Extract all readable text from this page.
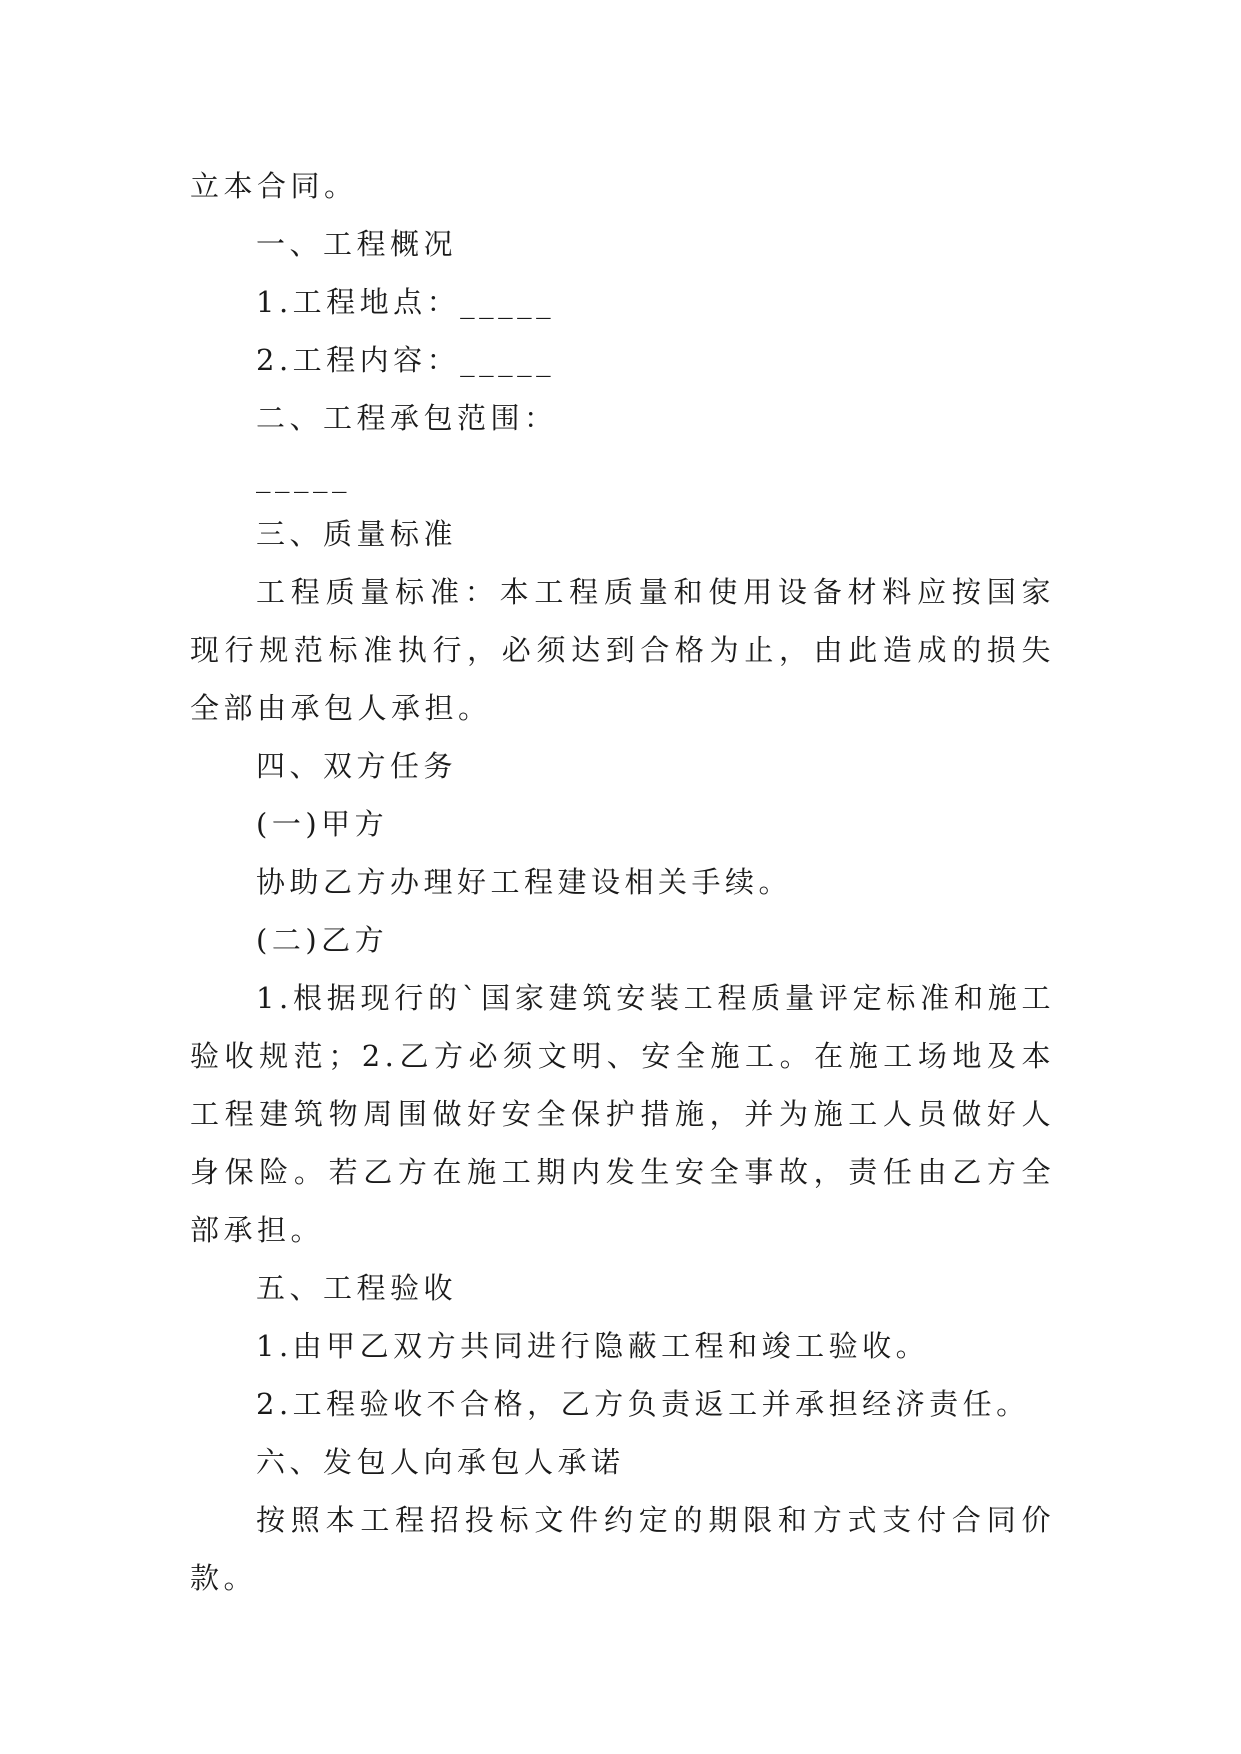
立本合同。

一、工程概况

1.工程地点：_____

2.工程内容：_____

二、工程承包范围：

_____

三、质量标准

工程质量标准：本工程质量和使用设备材料应按国家现行规范标准执行，必须达到合格为止，由此造成的损失全部由承包人承担。

四、双方任务

(一)甲方

协助乙方办理好工程建设相关手续。

(二)乙方

1.根据现行的`国家建筑安装工程质量评定标准和施工验收规范；2.乙方必须文明、安全施工。在施工场地及本工程建筑物周围做好安全保护措施，并为施工人员做好人身保险。若乙方在施工期内发生安全事故，责任由乙方全部承担。

五、工程验收

1.由甲乙双方共同进行隐蔽工程和竣工验收。

2.工程验收不合格，乙方负责返工并承担经济责任。

六、发包人向承包人承诺

按照本工程招投标文件约定的期限和方式支付合同价款。
